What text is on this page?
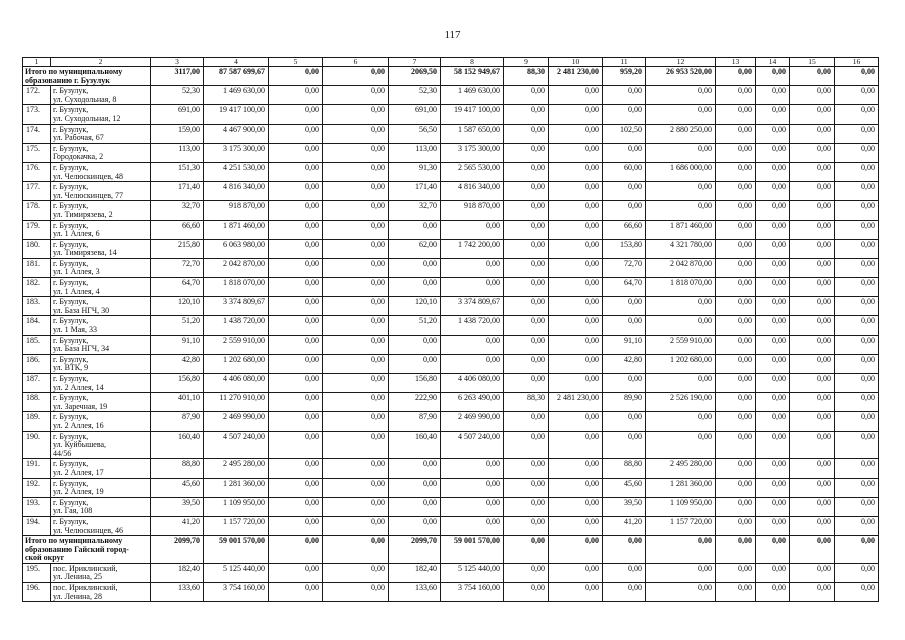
117
1	2	3	4	5	6	7	8	9	10	11	12	13	14	15	16

Итого по муниципальному
образованию г. Бузулук		3117,00	87 587 699,67	0,00	0,00	2069,50	58 152 949,67	88,30	2 481 230,00	959,20	26 953 520,00	0,00	0,00	0,00	0,00
172.	г. Бузулук,
ул. Суходольная, 8	52,30	1 469 630,00	0,00	0,00	52,30	1 469 630,00	0,00	0,00	0,00	0,00	0,00	0,00	0,00	0,00
173.	г. Бузулук,
ул. Суходольная, 12	691,00	19 417 100,00	0,00	0,00	691,00	19 417 100,00	0,00	0,00	0,00	0,00	0,00	0,00	0,00	0,00
174.	г. Бузулук,
ул. Рабочая, 67	159,00	4 467 900,00	0,00	0,00	56,50	1 587 650,00	0,00	0,00	102,50	2 880 250,00	0,00	0,00	0,00	0,00
175.	г. Бузулук,
Городокачка, 2	113,00	3 175 300,00	0,00	0,00	113,00	3 175 300,00	0,00	0,00	0,00	0,00	0,00	0,00	0,00	0,00
176.	г. Бузулук,
ул. Челюскинцев, 48	151,30	4 251 530,00	0,00	0,00	91,30	2 565 530,00	0,00	0,00	60,00	1 686 000,00	0,00	0,00	0,00	0,00
177.	г. Бузулук,
ул. Челюскинцев, 77	171,40	4 816 340,00	0,00	0,00	171,40	4 816 340,00	0,00	0,00	0,00	0,00	0,00	0,00	0,00	0,00
178.	г. Бузулук,
ул. Тимирязева, 2	32,70	918 870,00	0,00	0,00	32,70	918 870,00	0,00	0,00	0,00	0,00	0,00	0,00	0,00	0,00
179.	г. Бузулук,
ул. 1 Аллея, 6	66,60	1 871 460,00	0,00	0,00	0,00	0,00	0,00	0,00	66,60	1 871 460,00	0,00	0,00	0,00	0,00
180.	г. Бузулук,
ул. Тимирязева, 14	215,80	6 063 980,00	0,00	0,00	62,00	1 742 200,00	0,00	0,00	153,80	4 321 780,00	0,00	0,00	0,00	0,00
181.	г. Бузулук,
ул. 1 Аллея, 3	72,70	2 042 870,00	0,00	0,00	0,00	0,00	0,00	0,00	72,70	2 042 870,00	0,00	0,00	0,00	0,00
182.	г. Бузулук,
ул. 1 Аллея, 4	64,70	1 818 070,00	0,00	0,00	0,00	0,00	0,00	0,00	64,70	1 818 070,00	0,00	0,00	0,00	0,00
183.	г. Бузулук,
ул. База НГЧ, 30	120,10	3 374 809,67	0,00	0,00	120,10	3 374 809,67	0,00	0,00	0,00	0,00	0,00	0,00	0,00	0,00
184.	г. Бузулук,
ул. 1 Мая, 33	51,20	1 438 720,00	0,00	0,00	51,20	1 438 720,00	0,00	0,00	0,00	0,00	0,00	0,00	0,00	0,00
185.	г. Бузулук,
ул. База НГЧ, 34	91,10	2 559 910,00	0,00	0,00	0,00	0,00	0,00	0,00	91,10	2 559 910,00	0,00	0,00	0,00	0,00
186.	г. Бузулук,
ул. ВТК, 9	42,80	1 202 680,00	0,00	0,00	0,00	0,00	0,00	0,00	42,80	1 202 680,00	0,00	0,00	0,00	0,00
187.	г. Бузулук,
ул. 2 Аллея, 14	156,80	4 406 080,00	0,00	0,00	156,80	4 406 080,00	0,00	0,00	0,00	0,00	0,00	0,00	0,00	0,00
188.	г. Бузулук,
ул. Заречная, 19	401,10	11 270 910,00	0,00	0,00	222,90	6 263 490,00	88,30	2 481 230,00	89,90	2 526 190,00	0,00	0,00	0,00	0,00
189.	г. Бузулук,
ул. 2 Аллея, 16	87,90	2 469 990,00	0,00	0,00	87,90	2 469 990,00	0,00	0,00	0,00	0,00	0,00	0,00	0,00	0,00
190.	г. Бузулук,
ул. Куйбышева,
44/56	160,40	4 507 240,00	0,00	0,00	160,40	4 507 240,00	0,00	0,00	0,00	0,00	0,00	0,00	0,00	0,00
191.	г. Бузулук,
ул. 2 Аллея, 17	88,80	2 495 280,00	0,00	0,00	0,00	0,00	0,00	0,00	88,80	2 495 280,00	0,00	0,00	0,00	0,00
192.	г. Бузулук,
ул. 2 Аллея, 19	45,60	1 281 360,00	0,00	0,00	0,00	0,00	0,00	0,00	45,60	1 281 360,00	0,00	0,00	0,00	0,00
193.	г. Бузулук,
ул. Гая, 108	39,50	1 109 950,00	0,00	0,00	0,00	0,00	0,00	0,00	39,50	1 109 950,00	0,00	0,00	0,00	0,00
194.	г. Бузулук,
ул. Челюскинцев, 46	41,20	1 157 720,00	0,00	0,00	0,00	0,00	0,00	0,00	41,20	1 157 720,00	0,00	0,00	0,00	0,00

Итого по муниципальному
образованию Гайский город-
ской округ		2099,70	59 001 570,00	0,00	0,00	2099,70	59 001 570,00	0,00	0,00	0,00	0,00	0,00	0,00	0,00	0,00
195.	пос. Ириклинский,
ул. Ленина, 25	182,40	5 125 440,00	0,00	0,00	182,40	5 125 440,00	0,00	0,00	0,00	0,00	0,00	0,00	0,00	0,00
196.	пос. Ириклинский,
ул. Ленина, 28	133,60	3 754 160,00	0,00	0,00	133,60	3 754 160,00	0,00	0,00	0,00	0,00	0,00	0,00	0,00	0,00
